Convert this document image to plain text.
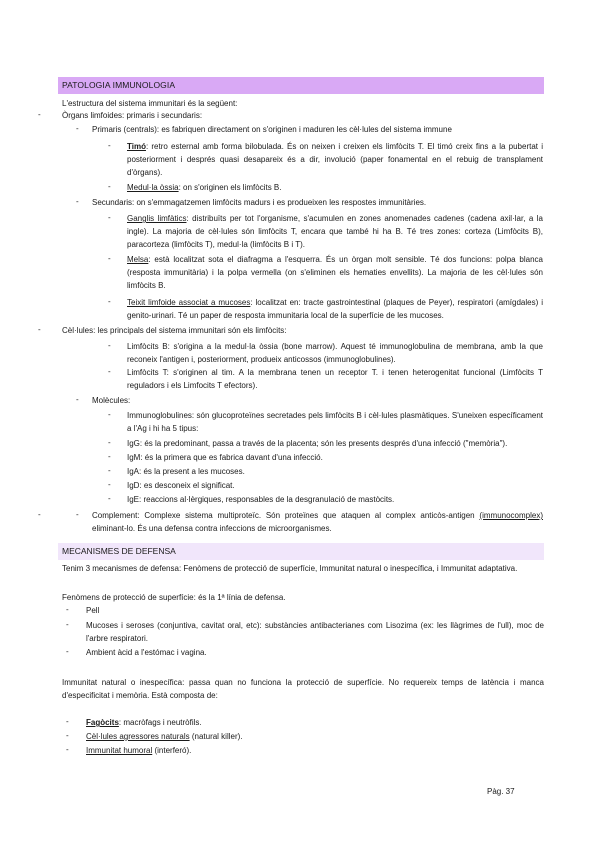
PATOLOGIA IMMUNOLOGIA
L'estructura del sistema immunitari és la següent:
-	Òrgans limfoides: primaris i secundaris:
- Primaris (centrals): es fabriquen directament on s'originen i maduren les cèl·lules del sistema immune
- Timó: retro esternal amb forma bilobulada. És on neixen i creixen els limfòcits T. El timó creix fins a la pubertat i posteriorment i després quasi desapareix és a dir, involució (paper fonamental en el rebuig de transplament d'òrgans).
- Medul·la òssia: on s'originen els limfòcits B.
- Secundaris: on s'emmagatzemen limfòcits madurs i es produeixen les respostes immunitàries.
- Ganglis limfàtics: distribuïts per tot l'organisme, s'acumulen en zones anomenades cadenes (cadena axil·lar, a la ingle). La majoria de cèl·lules són limfòcits T, encara que també hi ha B. Té tres zones: corteza (Limfòcits B), paracorteza (limfòcits T), medul·la (limfòcits B i T).
- Melsa: està localitzat sota el diafragma a l'esquerra. És un òrgan molt sensible. Té dos funcions: polpa blanca (resposta immunitària) i la polpa vermella (on s'eliminen els hematies envellits). La majoria de les cèl·lules són limfòcits B.
- Teixit limfoide associat a mucoses: localitzat en: tracte gastrointestinal (plaques de Peyer), respiratori (amígdales) i genito-urinari. Té un paper de resposta immunitaria local de la superfície de les mucoses.
-	Cèl·lules: les principals del sistema immunitari són els limfòcits:
- Limfòcits B: s'origina a la medul·la òssia (bone marrow). Aquest té immunoglobulina de membrana, amb la que reconeix l'antigen i, posteriorment, produeix anticossos (immunoglobulines).
- Limfòcits T: s'originen al tim. A la membrana tenen un receptor T. i tenen heterogenitat funcional (Limfòcits T reguladors i els Limfocits T efectors).
- Molècules:
- Immunoglobulines: són glucoproteïnes secretades pels limfòcits B i cèl·lules plasmàtiques. S'uneixen específicament a l'Ag i hi ha 5 tipus:
- IgG: és la predominant, passa a través de la placenta; són les presents després d'una infecció ("memòria").
- IgM: és la primera que es fabrica davant d'una infecció.
- IgA: és la present a les mucoses.
- IgD: es desconeix el significat.
- IgE: reaccions al·lèrgiques, responsables de la desgranulació de mastòcits.
-	- Complement: Complexe sistema multiproteïc. Són proteïnes que ataquen al complex anticòs-antigen (immunocomplex) eliminant-lo. És una defensa contra infeccions de microorganismes.
MECANISMES DE DEFENSA
Tenim 3 mecanismes de defensa: Fenòmens de protecció de superfície, Immunitat natural o inespecífica, i Immunitat adaptativa.
Fenòmens de protecció de superfície: és la 1ª línia de defensa.
- Pell
- Mucoses i seroses (conjuntiva, cavitat oral, etc): substàncies antibacterianes com Lisozima (ex: les llàgrimes de l'ull), moc de l'arbre respiratori.
- Ambient àcid a l'estómac i vagina.
Immunitat natural o inespecífica: passa quan no funciona la protecció de superfície. No requereix temps de latència i manca d'especificitat i memòria. Està composta de:
- Fagòcits: macròfags i neutròfils.
- Cèl·lules agressores naturals (natural killer).
- Immunitat humoral (interferó).
Pàg. 37
